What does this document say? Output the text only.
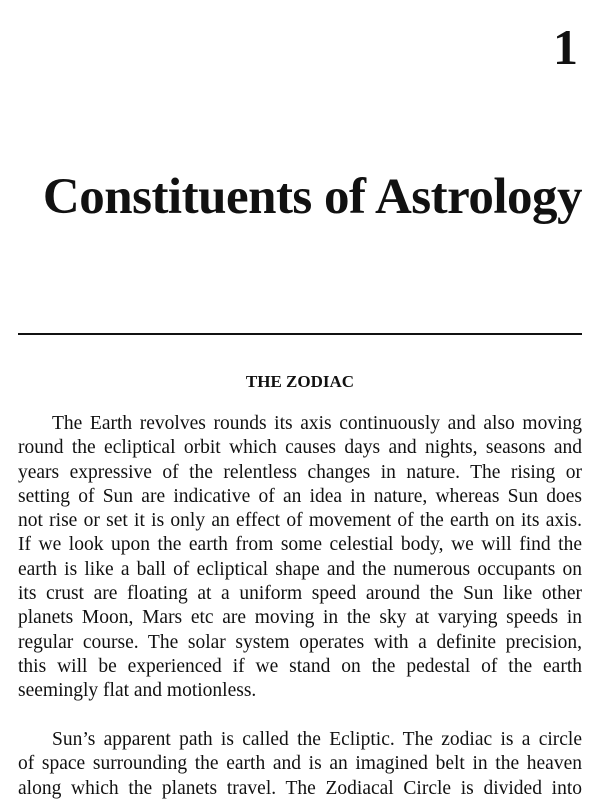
1
Constituents of Astrology
THE ZODIAC
The Earth revolves rounds its axis continuously and also moving
round the ecliptical orbit which causes days and nights, seasons and
years expressive of the relentless changes in nature. The rising or
setting of Sun are indicative of an idea in nature, whereas Sun does
not rise or set it is only an effect of movement of the earth on its axis.
If we look upon the earth from some celestial body, we will find the
earth is like a ball of ecliptical shape and the numerous occupants on
its crust are floating at a uniform speed around the Sun like other
planets Moon, Mars etc are moving in the sky at varying speeds in
regular course. The solar system operates with a definite precision,
this will be experienced if we stand on the pedestal of the earth
seemingly flat and motionless.
Sun’s apparent path is called the Ecliptic. The zodiac is a circle
of space surrounding the earth and is an imagined belt in the heaven
along which the planets travel. The Zodiacal Circle is divided into
